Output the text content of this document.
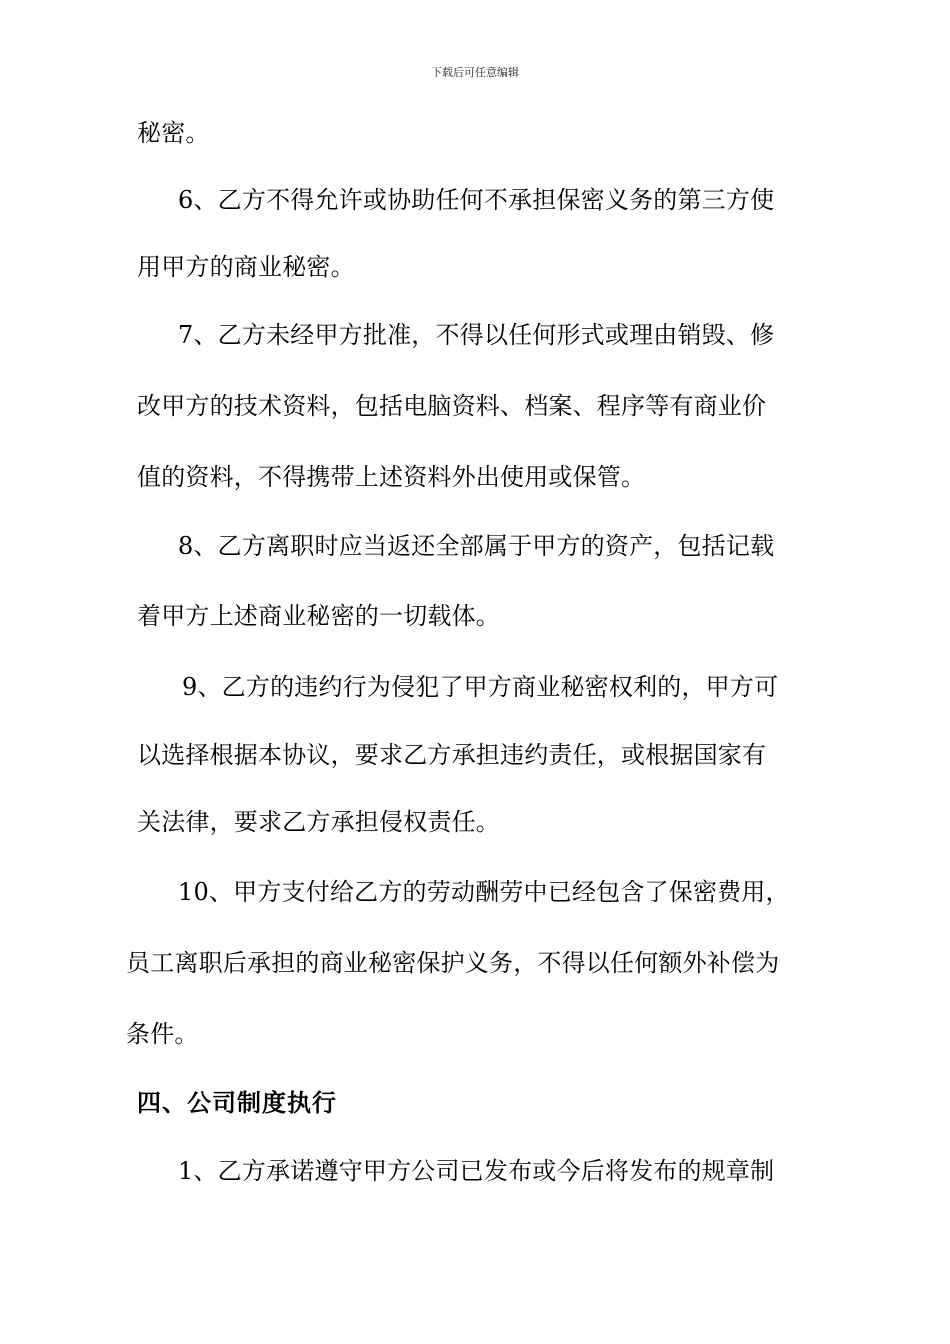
下载后可任意编辑
秘密。
6、乙方不得允许或协助任何不承担保密义务的第三方使
用甲方的商业秘密。
7、乙方未经甲方批准，不得以任何形式或理由销毁、修
改甲方的技术资料，包括电脑资料、档案、程序等有商业价
值的资料，不得携带上述资料外出使用或保管。
8、乙方离职时应当返还全部属于甲方的资产，包括记载
着甲方上述商业秘密的一切载体。
9、乙方的违约行为侵犯了甲方商业秘密权利的，甲方可
以选择根据本协议，要求乙方承担违约责任，或根据国家有
关法律，要求乙方承担侵权责任。
10、甲方支付给乙方的劳动酬劳中已经包含了保密费用，
员工离职后承担的商业秘密保护义务，不得以任何额外补偿为
条件。
四、公司制度执行
1、乙方承诺遵守甲方公司已发布或今后将发布的规章制
